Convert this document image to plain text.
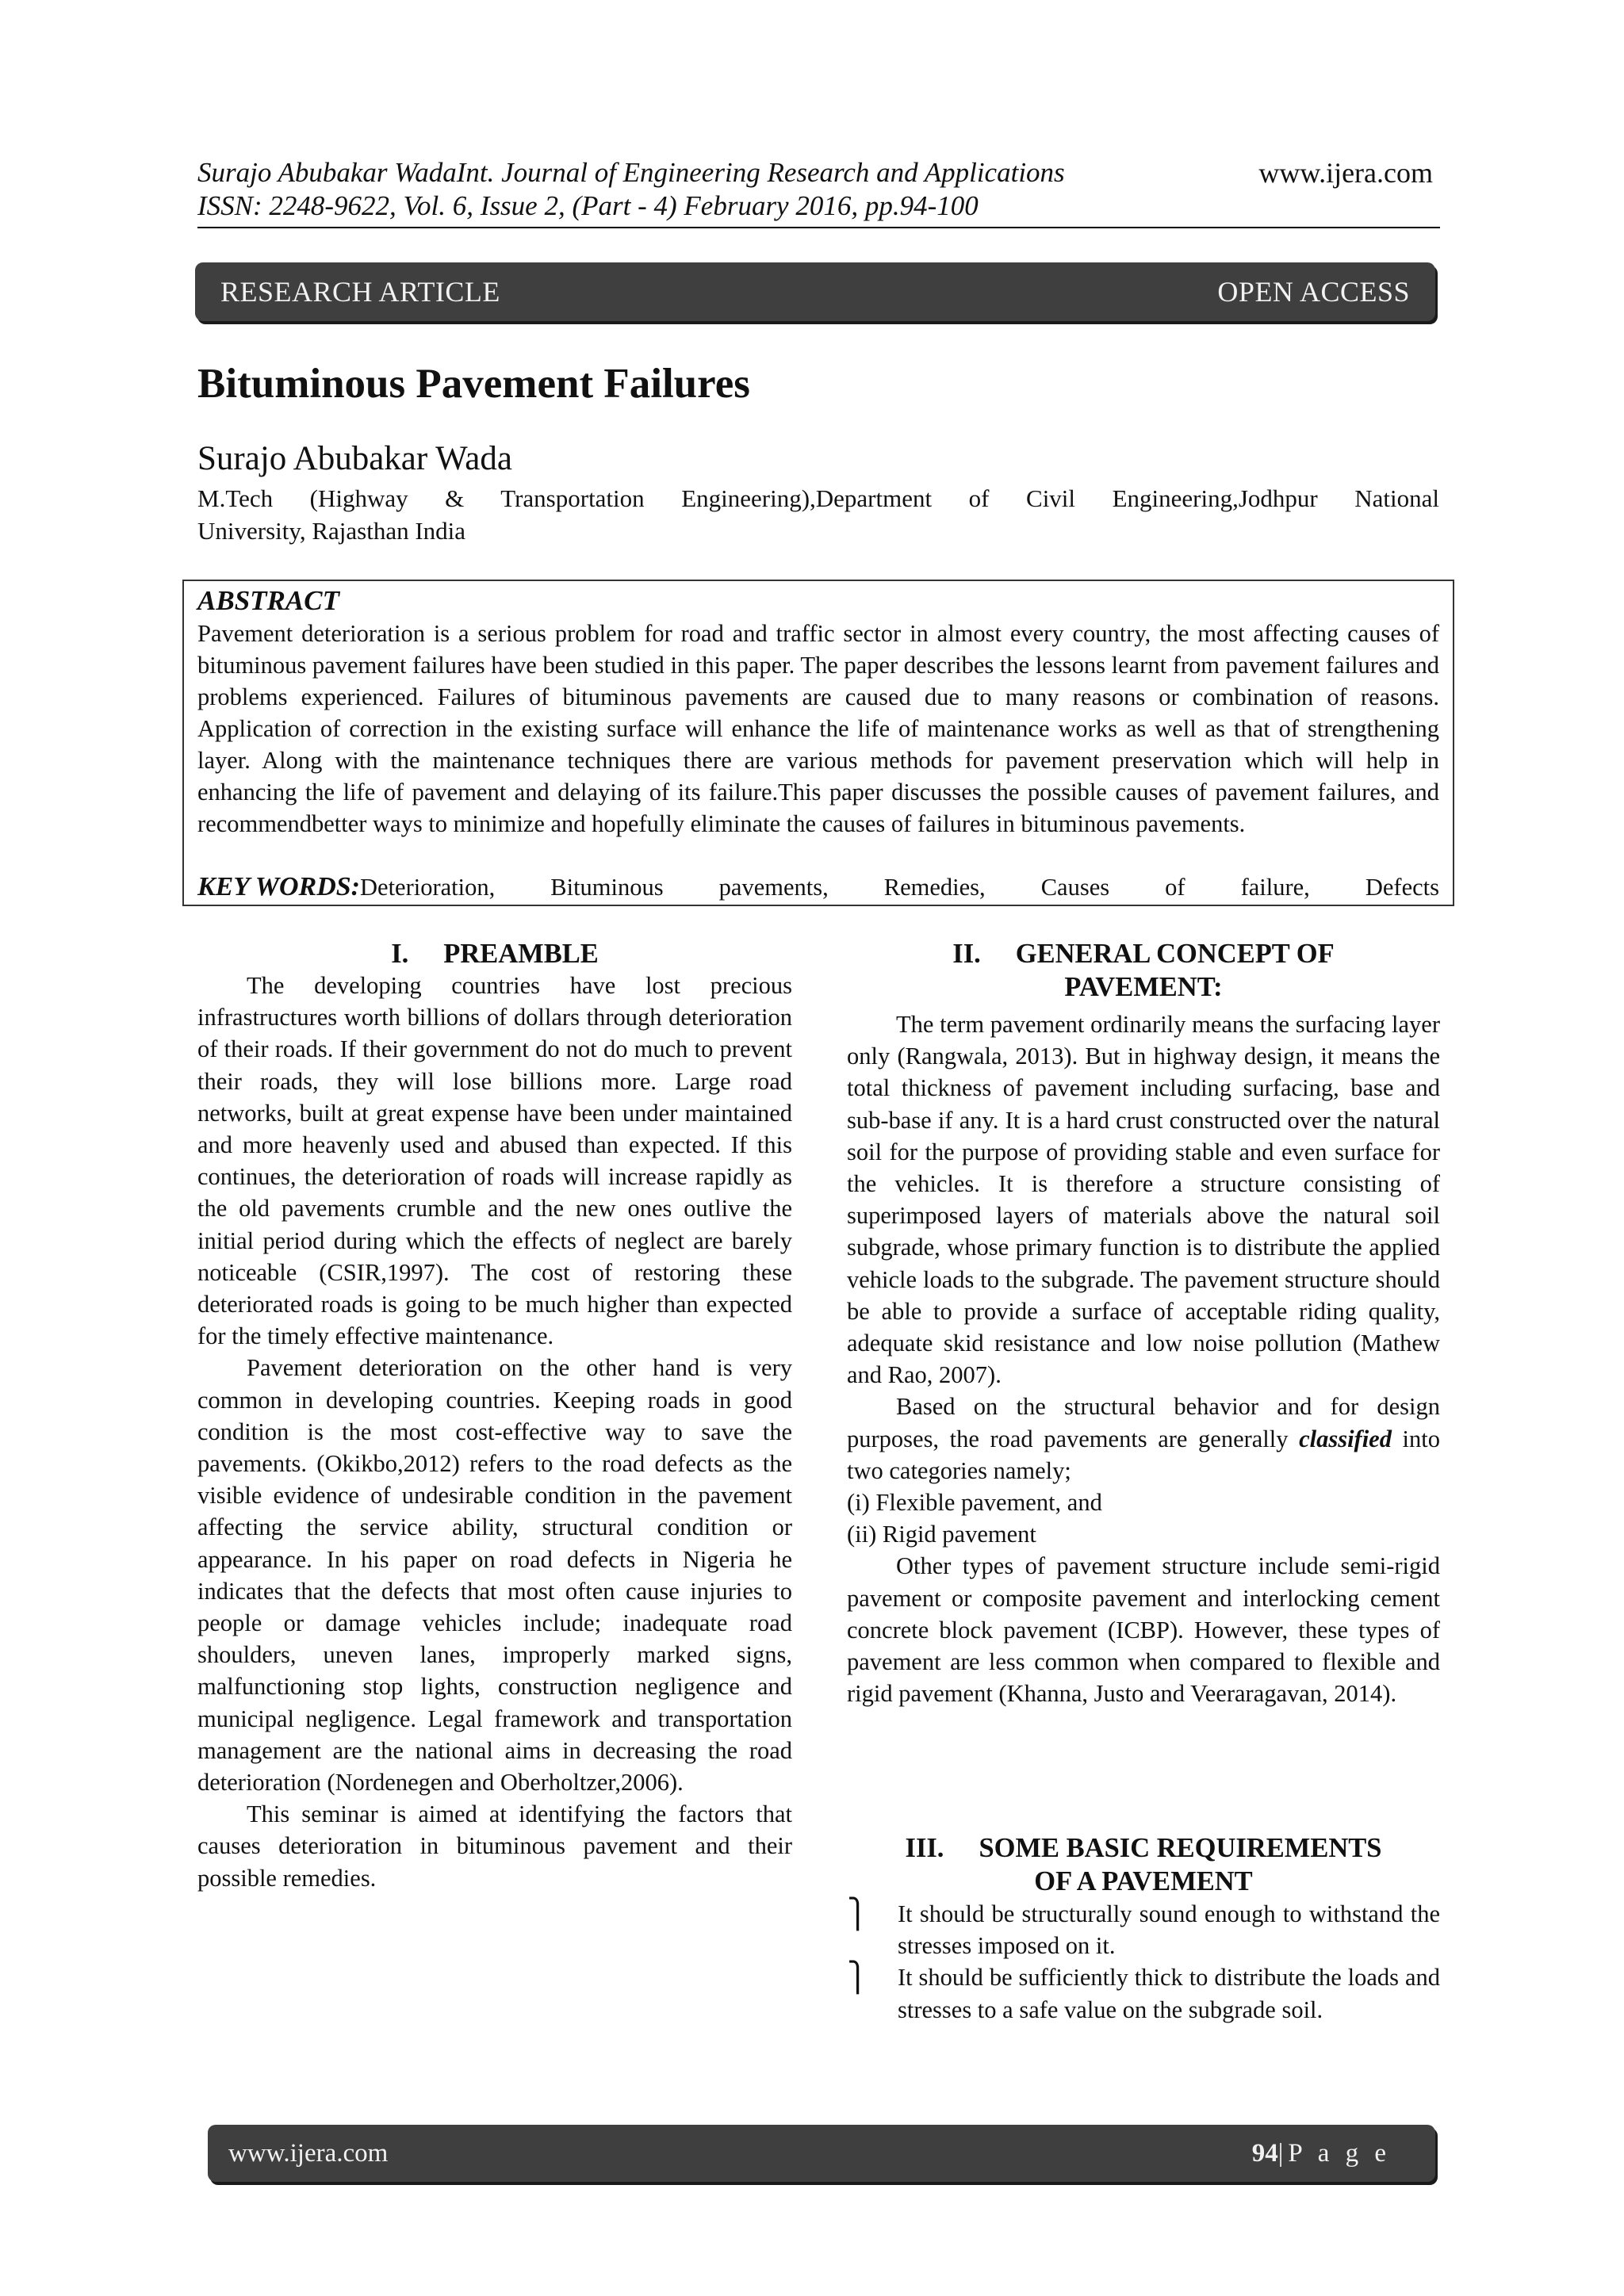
Surajo Abubakar WadaInt. Journal of Engineering Research and Applications
ISSN: 2248-9622, Vol. 6, Issue 2, (Part - 4) February 2016, pp.94-100
www.ijera.com
RESEARCH ARTICLE	OPEN ACCESS
Bituminous Pavement Failures
Surajo Abubakar Wada
M.Tech (Highway & Transportation Engineering),Department of Civil Engineering,Jodhpur National
University, Rajasthan India
ABSTRACT
Pavement deterioration is a serious problem for road and traffic sector in almost every country, the most affecting causes of bituminous pavement failures have been studied in this paper. The paper describes the lessons learnt from pavement failures and problems experienced. Failures of bituminous pavements are caused due to many reasons or combination of reasons. Application of correction in the existing surface will enhance the life of maintenance works as well as that of strengthening layer. Along with the maintenance techniques there are various methods for pavement preservation which will help in enhancing the life of pavement and delaying of its failure.This paper discusses the possible causes of pavement failures, and recommendbetter ways to minimize and hopefully eliminate the causes of failures in bituminous pavements.
KEY WORDS:Deterioration, Bituminous pavements, Remedies, Causes of failure, Defects
I. PREAMBLE

The developing countries have lost precious infrastructures worth billions of dollars through deterioration of their roads. If their government do not do much to prevent their roads, they will lose billions more. Large road networks, built at great expense have been under maintained and more heavenly used and abused than expected. If this continues, the deterioration of roads will increase rapidly as the old pavements crumble and the new ones outlive the initial period during which the effects of neglect are barely noticeable (CSIR,1997). The cost of restoring these deteriorated roads is going to be much higher than expected for the timely effective maintenance.

Pavement deterioration on the other hand is very common in developing countries. Keeping roads in good condition is the most cost-effective way to save the pavements. (Okikbo,2012) refers to the road defects as the visible evidence of undesirable condition in the pavement affecting the service ability, structural condition or appearance. In his paper on road defects in Nigeria he indicates that the defects that most often cause injuries to people or damage vehicles include; inadequate road shoulders, uneven lanes, improperly marked signs, malfunctioning stop lights, construction negligence and municipal negligence. Legal framework and transportation management are the national aims in decreasing the road deterioration (Nordenegen and Oberholtzer,2006).

This seminar is aimed at identifying the factors that causes deterioration in bituminous pavement and their possible remedies.

II. GENERAL CONCEPT OF
PAVEMENT:

The term pavement ordinarily means the surfacing layer only (Rangwala, 2013). But in highway design, it means the total thickness of pavement including surfacing, base and sub-base if any. It is a hard crust constructed over the natural soil for the purpose of providing stable and even surface for the vehicles. It is therefore a structure consisting of superimposed layers of materials above the natural soil subgrade, whose primary function is to distribute the applied vehicle loads to the subgrade. The pavement structure should be able to provide a surface of acceptable riding quality, adequate skid resistance and low noise pollution (Mathew and Rao, 2007).

Based on the structural behavior and for design purposes, the road pavements are generally classified into two categories namely;

(i) Flexible pavement, and

(ii) Rigid pavement

Other types of pavement structure include semi-rigid pavement or composite pavement and interlocking cement concrete block pavement (ICBP). However, these types of pavement are less common when compared to flexible and rigid pavement (Khanna, Justo and Veeraragavan, 2014).

III. SOME BASIC REQUIREMENTS
OF A PAVEMENT
⎫ It should be structurally sound enough to withstand the stresses imposed on it.
⎫ It should be sufficiently thick to distribute the loads and stresses to a safe value on the subgrade soil.
www.ijera.com	94|P a g e
